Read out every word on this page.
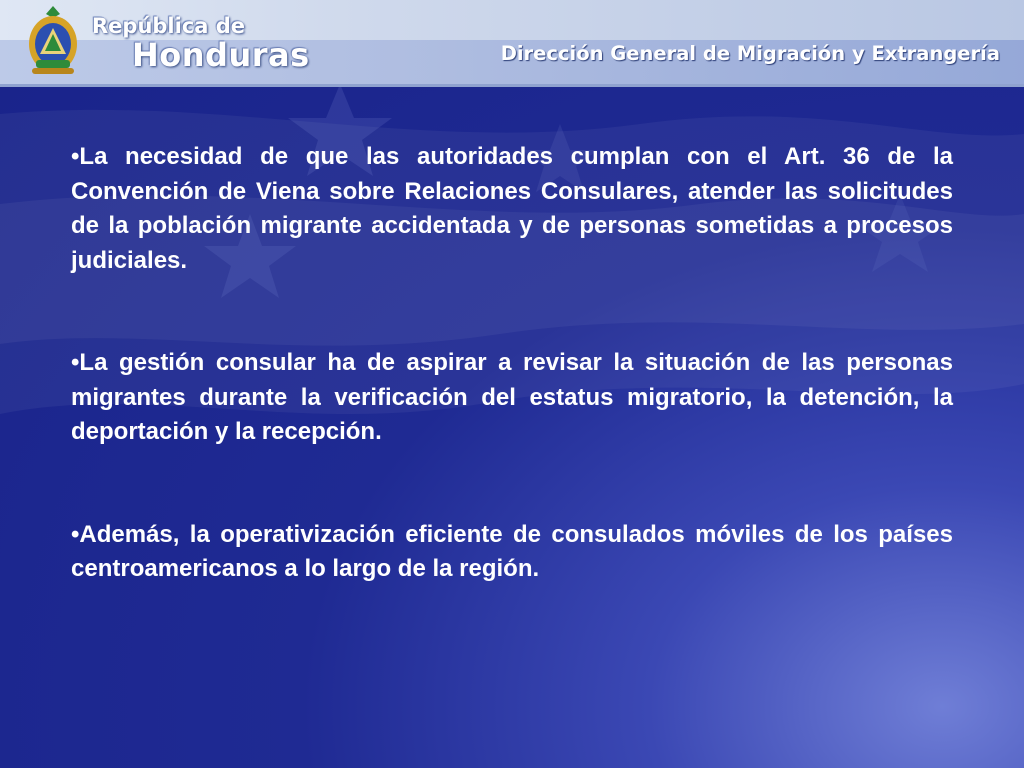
República de
Honduras	Dirección General de Migración y Extrangería

•La necesidad de que las autoridades cumplan con el Art. 36 de la Convención de Viena sobre Relaciones Consulares, atender las solicitudes de la población migrante accidentada y de personas sometidas a procesos judiciales.

•La gestión consular ha de aspirar a revisar la situación de las personas migrantes durante la verificación del estatus migratorio, la detención, la deportación y la recepción.

•Además, la operativización eficiente de consulados móviles de los países centroamericanos a lo largo de la región.
